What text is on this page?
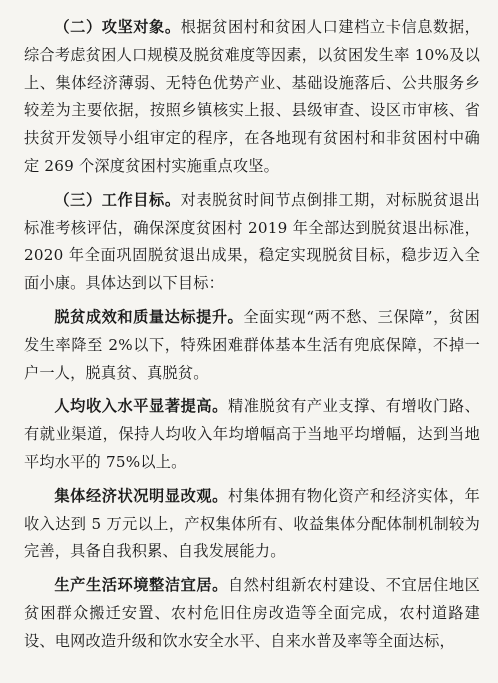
（二）攻坚对象。根据贫困村和贫困人口建档立卡信息数据，综合考虑贫困人口规模及脱贫难度等因素，以贫困发生率 10%及以上、集体经济薄弱、无特色优势产业、基础设施落后、公共服务乡较差为主要依据，按照乡镇核实上报、县级审查、设区市审核、省扶贫开发领导小组审定的程序，在各地现有贫困村和非贫困村中确定 269 个深度贫困村实施重点攻坚。

（三）工作目标。对表脱贫时间节点倒排工期，对标脱贫退出标准考核评估，确保深度贫困村 2019 年全部达到脱贫退出标准，2020 年全面巩固脱贫退出成果，稳定实现脱贫目标，稳步迈入全面小康。具体达到以下目标：

脱贫成效和质量达标提升。全面实现“两不愁、三保障”，贫困发生率降至 2%以下，特殊困难群体基本生活有兜底保障，不掉一户一人，脱真贫、真脱贫。

人均收入水平显著提高。精准脱贫有产业支撑、有增收门路、有就业渠道，保持人均收入年均增幅高于当地平均增幅，达到当地平均水平的 75%以上。

集体经济状况明显改观。村集体拥有物化资产和经济实体，年收入达到 5 万元以上，产权集体所有、收益集体分配体制机制较为完善，具备自我积累、自我发展能力。

生产生活环境整洁宜居。自然村组新农村建设、不宜居住地区贫困群众搬迁安置、农村危旧住房改造等全面完成，农村道路建设、电网改造升级和饮水安全水平、自来水普及率等全面达标，
